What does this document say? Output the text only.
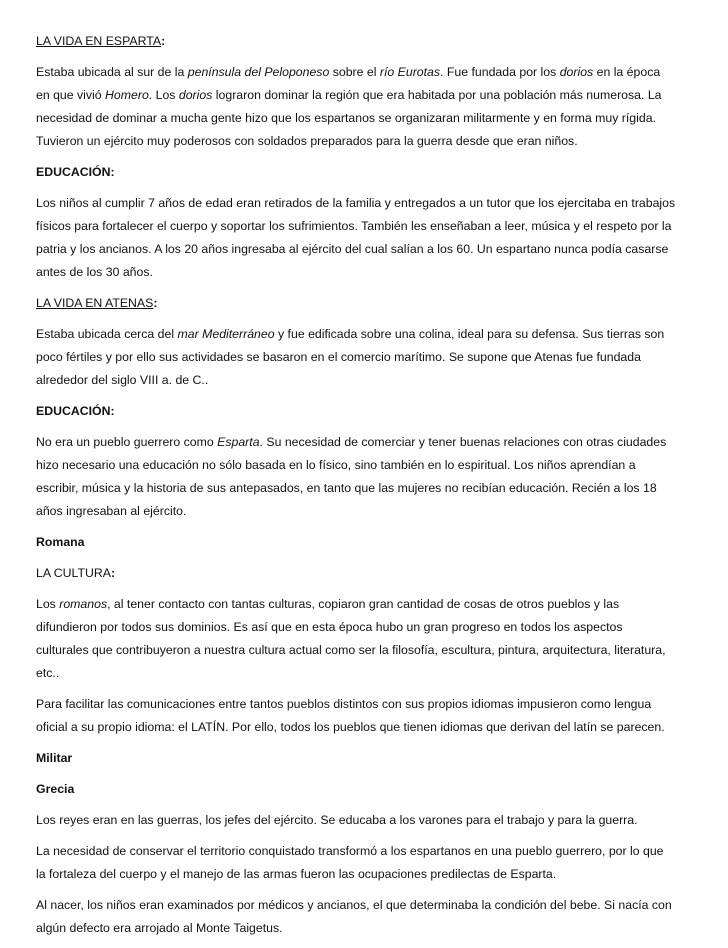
LA VIDA EN ESPARTA:

Estaba ubicada al sur de la península del Peloponeso sobre el río Eurotas. Fue fundada por los dorios en la época
en que vivió Homero. Los dorios lograron dominar la región que era habitada por una población más numerosa. La
necesidad de dominar a mucha gente hizo que los espartanos se organizaran militarmente y en forma muy rígida.
Tuvieron un ejército muy poderosos con soldados preparados para la guerra desde que eran niños.

EDUCACIÓN:

Los niños al cumplir 7 años de edad eran retirados de la familia y entregados a un tutor que los ejercitaba en trabajos
físicos para fortalecer el cuerpo y soportar los sufrimientos. También les enseñaban a leer, música y el respeto por la
patria y los ancianos. A los 20 años ingresaba al ejército del cual salían a los 60. Un espartano nunca podía casarse
antes de los 30 años.

LA VIDA EN ATENAS:

Estaba ubicada cerca del mar Mediterráneo y fue edificada sobre una colina, ideal para su defensa. Sus tierras son
poco fértiles y por ello sus actividades se basaron en el comercio marítimo. Se supone que Atenas fue fundada
alrededor del siglo VIII a. de C..

EDUCACIÓN:

No era un pueblo guerrero como Esparta. Su necesidad de comerciar y tener buenas relaciones con otras ciudades
hizo necesario una educación no sólo basada en lo físico, sino también en lo espiritual. Los niños aprendían a
escribir, música y la historia de sus antepasados, en tanto que las mujeres no recibían educación. Recién a los 18
años ingresaban al ejército.

Romana

LA CULTURA:

Los romanos, al tener contacto con tantas culturas, copiaron gran cantidad de cosas de otros pueblos y las
difundieron por todos sus dominios. Es así que en esta época hubo un gran progreso en todos los aspectos
culturales que contribuyeron a nuestra cultura actual como ser la filosofía, escultura, pintura, arquitectura, literatura,
etc..

Para facilitar las comunicaciones entre tantos pueblos distintos con sus propios idiomas impusieron como lengua
oficial a su propio idioma: el LATÍN. Por ello, todos los pueblos que tienen idiomas que derivan del latín se parecen.

Militar

Grecia

Los reyes eran en las guerras, los jefes del ejército. Se educaba a los varones para el trabajo y para la guerra.

La necesidad de conservar el territorio conquistado transformó a los espartanos en una pueblo guerrero, por lo que
la fortaleza del cuerpo y el manejo de las armas fueron las ocupaciones predilectas de Esparta.

Al nacer, los niños eran examinados por médicos y ancianos, el que determinaba la condición del bebe. Si nacía con
algún defecto era arrojado al Monte Taigetus.
